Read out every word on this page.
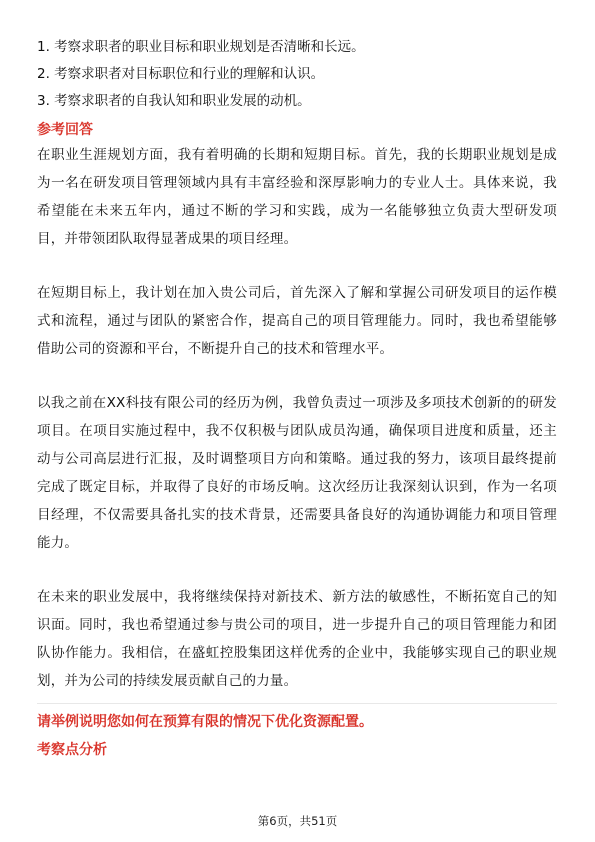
1. 考察求职者的职业目标和职业规划是否清晰和长远。

2. 考察求职者对目标职位和行业的理解和认识。

3. 考察求职者的自我认知和职业发展的动机。

参考回答

在职业生涯规划方面，我有着明确的长期和短期目标。首先，我的长期职业规划是成为一名在研发项目管理领域内具有丰富经验和深厚影响力的专业人士。具体来说，我希望能在未来五年内，通过不断的学习和实践，成为一名能够独立负责大型研发项目，并带领团队取得显著成果的项目经理。

在短期目标上，我计划在加入贵公司后，首先深入了解和掌握公司研发项目的运作模式和流程，通过与团队的紧密合作，提高自己的项目管理能力。同时，我也希望能够借助公司的资源和平台，不断提升自己的技术和管理水平。

以我之前在XX科技有限公司的经历为例，我曾负责过一项涉及多项技术创新的的研发项目。在项目实施过程中，我不仅积极与团队成员沟通，确保项目进度和质量，还主动与公司高层进行汇报，及时调整项目方向和策略。通过我的努力，该项目最终提前完成了既定目标，并取得了良好的市场反响。这次经历让我深刻认识到，作为一名项目经理，不仅需要具备扎实的技术背景，还需要具备良好的沟通协调能力和项目管理能力。

在未来的职业发展中，我将继续保持对新技术、新方法的敏感性，不断拓宽自己的知识面。同时，我也希望通过参与贵公司的项目，进一步提升自己的项目管理能力和团队协作能力。我相信，在盛虹控股集团这样优秀的企业中，我能够实现自己的职业规划，并为公司的持续发展贡献自己的力量。

请举例说明您如何在预算有限的情况下优化资源配置。

考察点分析

第6页，共51页
